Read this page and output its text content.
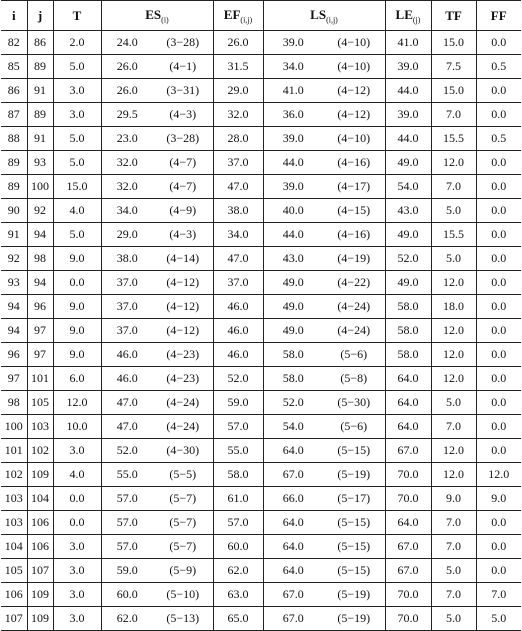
i	j	T	$ES_{(i)}$		$EF_{(i,j)}$	$LS_{(i,j)}$		$LE_{(j)}$	TF	FF
82	86	2.0	24.0	(3−28)	26.0	39.0	(4−10)	41.0	15.0	0.0
85	89	5.0	26.0	(4−1)	31.5	34.0	(4−10)	39.0	7.5	0.5
86	91	3.0	26.0	(3−31)	29.0	41.0	(4−12)	44.0	15.0	0.0
87	89	3.0	29.5	(4−3)	32.0	36.0	(4−12)	39.0	7.0	0.0
88	91	5.0	23.0	(3−28)	28.0	39.0	(4−10)	44.0	15.5	0.5
89	93	5.0	32.0	(4−7)	37.0	44.0	(4−16)	49.0	12.0	0.0
89	100	15.0	32.0	(4−7)	47.0	39.0	(4−17)	54.0	7.0	0.0
90	92	4.0	34.0	(4−9)	38.0	40.0	(4−15)	43.0	5.0	0.0
91	94	5.0	29.0	(4−3)	34.0	44.0	(4−16)	49.0	15.5	0.0
92	98	9.0	38.0	(4−14)	47.0	43.0	(4−19)	52.0	5.0	0.0
93	94	0.0	37.0	(4−12)	37.0	49.0	(4−22)	49.0	12.0	0.0
94	96	9.0	37.0	(4−12)	46.0	49.0	(4−24)	58.0	18.0	0.0
94	97	9.0	37.0	(4−12)	46.0	49.0	(4−24)	58.0	12.0	0.0
96	97	9.0	46.0	(4−23)	46.0	58.0	(5−6)	58.0	12.0	0.0
97	101	6.0	46.0	(4−23)	52.0	58.0	(5−8)	64.0	12.0	0.0
98	105	12.0	47.0	(4−24)	59.0	52.0	(5−30)	64.0	5.0	0.0
100	103	10.0	47.0	(4−24)	57.0	54.0	(5−6)	64.0	7.0	0.0
101	102	3.0	52.0	(4−30)	55.0	64.0	(5−15)	67.0	12.0	0.0
102	109	4.0	55.0	(5−5)	58.0	67.0	(5−19)	70.0	12.0	12.0
103	104	0.0	57.0	(5−7)	61.0	66.0	(5−17)	70.0	9.0	9.0
103	106	0.0	57.0	(5−7)	57.0	64.0	(5−15)	64.0	7.0	0.0
104	106	3.0	57.0	(5−7)	60.0	64.0	(5−15)	67.0	7.0	0.0
105	107	3.0	59.0	(5−9)	62.0	64.0	(5−15)	67.0	5.0	0.0
106	109	3.0	60.0	(5−10)	63.0	67.0	(5−19)	70.0	7.0	7.0
107	109	3.0	62.0	(5−13)	65.0	67.0	(5−19)	70.0	5.0	5.0
